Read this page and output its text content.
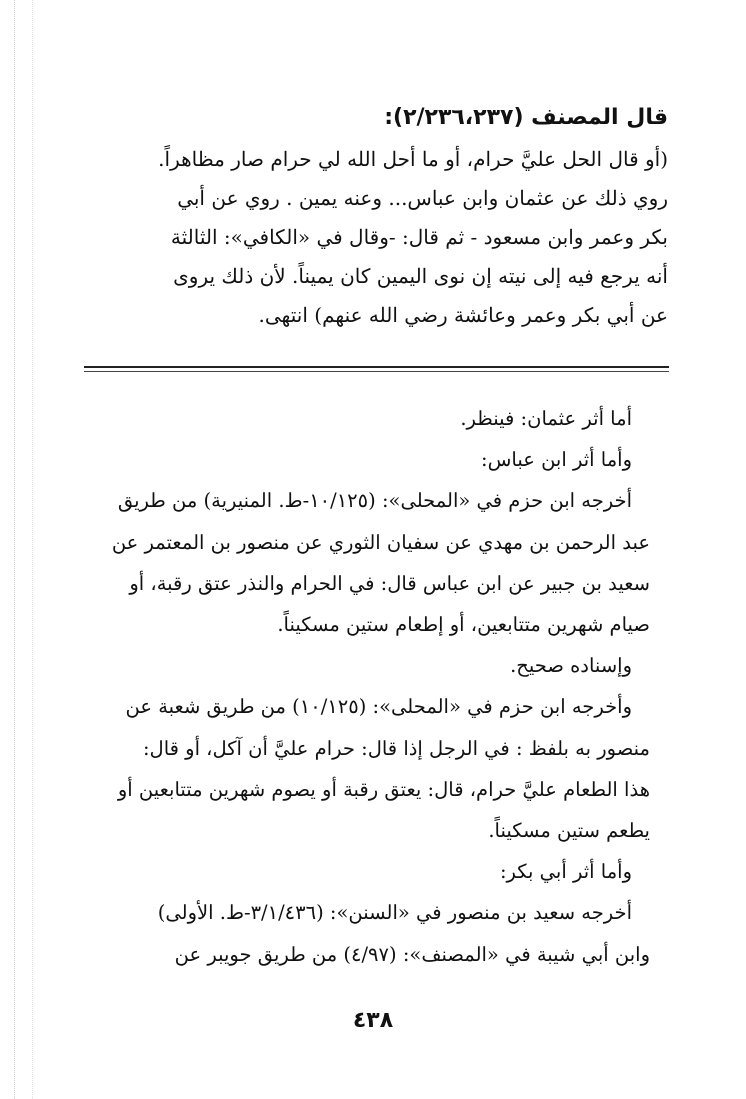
قال المصنف (٢/٢٣٦،٢٣٧):
(أو قال الحل عليَّ حرام، أو ما أحل الله لي حرام صار مظاهراً.
روي ذلك عن عثمان وابن عباس... وعنه يمين . روي عن أبي
بكر وعمر وابن مسعود - ثم قال: -وقال في «الكافي»: الثالثة
أنه يرجع فيه إلى نيته إن نوى اليمين كان يميناً. لأن ذلك يروى
عن أبي بكر وعمر وعائشة رضي الله عنهم) انتهى.
أما أثر عثمان: فينظر.
وأما أثر ابن عباس:
أخرجه ابن حزم في «المحلى»: (١٠/١٢٥-ط. المنيرية) من طريق
عبد الرحمن بن مهدي عن سفيان الثوري عن منصور بن المعتمر عن
سعيد بن جبير عن ابن عباس قال: في الحرام والنذر عتق رقبة، أو
صيام شهرين متتابعين، أو إطعام ستين مسكيناً.
وإسناده صحيح.
وأخرجه ابن حزم في «المحلى»: (١٠/١٢٥) من طريق شعبة عن
منصور به بلفظ : في الرجل إذا قال: حرام عليَّ أن آكل، أو قال:
هذا الطعام عليَّ حرام، قال: يعتق رقبة أو يصوم شهرين متتابعين أو
يطعم ستين مسكيناً.
وأما أثر أبي بكر:
أخرجه سعيد بن منصور في «السنن»: (٣/١/٤٣٦-ط. الأولى)
وابن أبي شيبة في «المصنف»: (٤/٩٧) من طريق جويبر عن
٤٣٨
